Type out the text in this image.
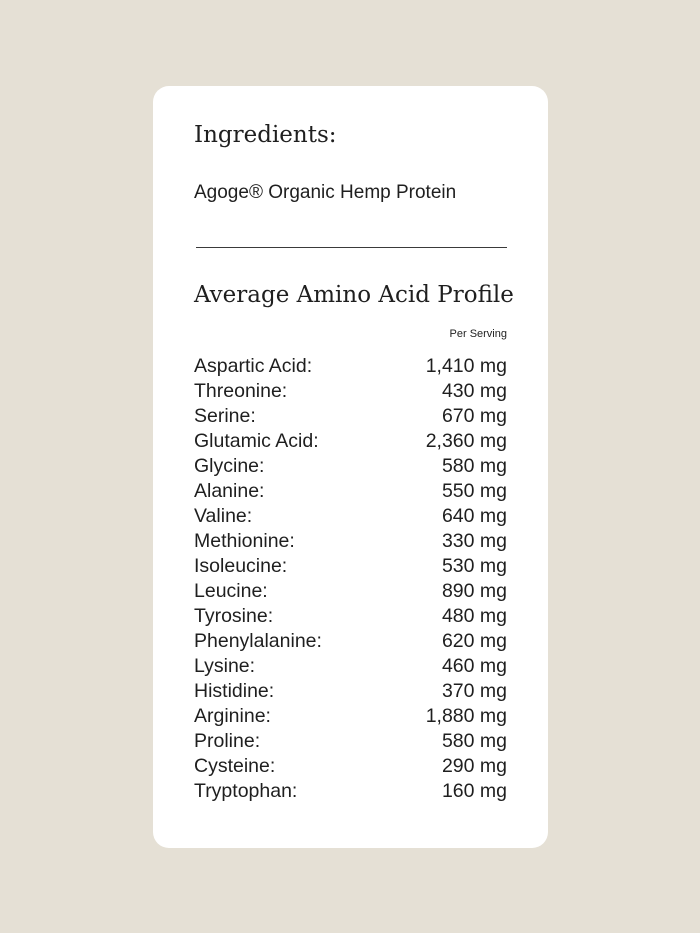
Ingredients:
Agoge® Organic Hemp Protein
Average Amino Acid Profile
Per Serving
Aspartic Acid:	1,410 mg
Threonine:	430 mg
Serine:	670 mg
Glutamic Acid:	2,360 mg
Glycine:	580 mg
Alanine:	550 mg
Valine:	640 mg
Methionine:	330 mg
Isoleucine:	530 mg
Leucine:	890 mg
Tyrosine:	480 mg
Phenylalanine:	620 mg
Lysine:	460 mg
Histidine:	370 mg
Arginine:	1,880 mg
Proline:	580 mg
Cysteine:	290 mg
Tryptophan:	160 mg
